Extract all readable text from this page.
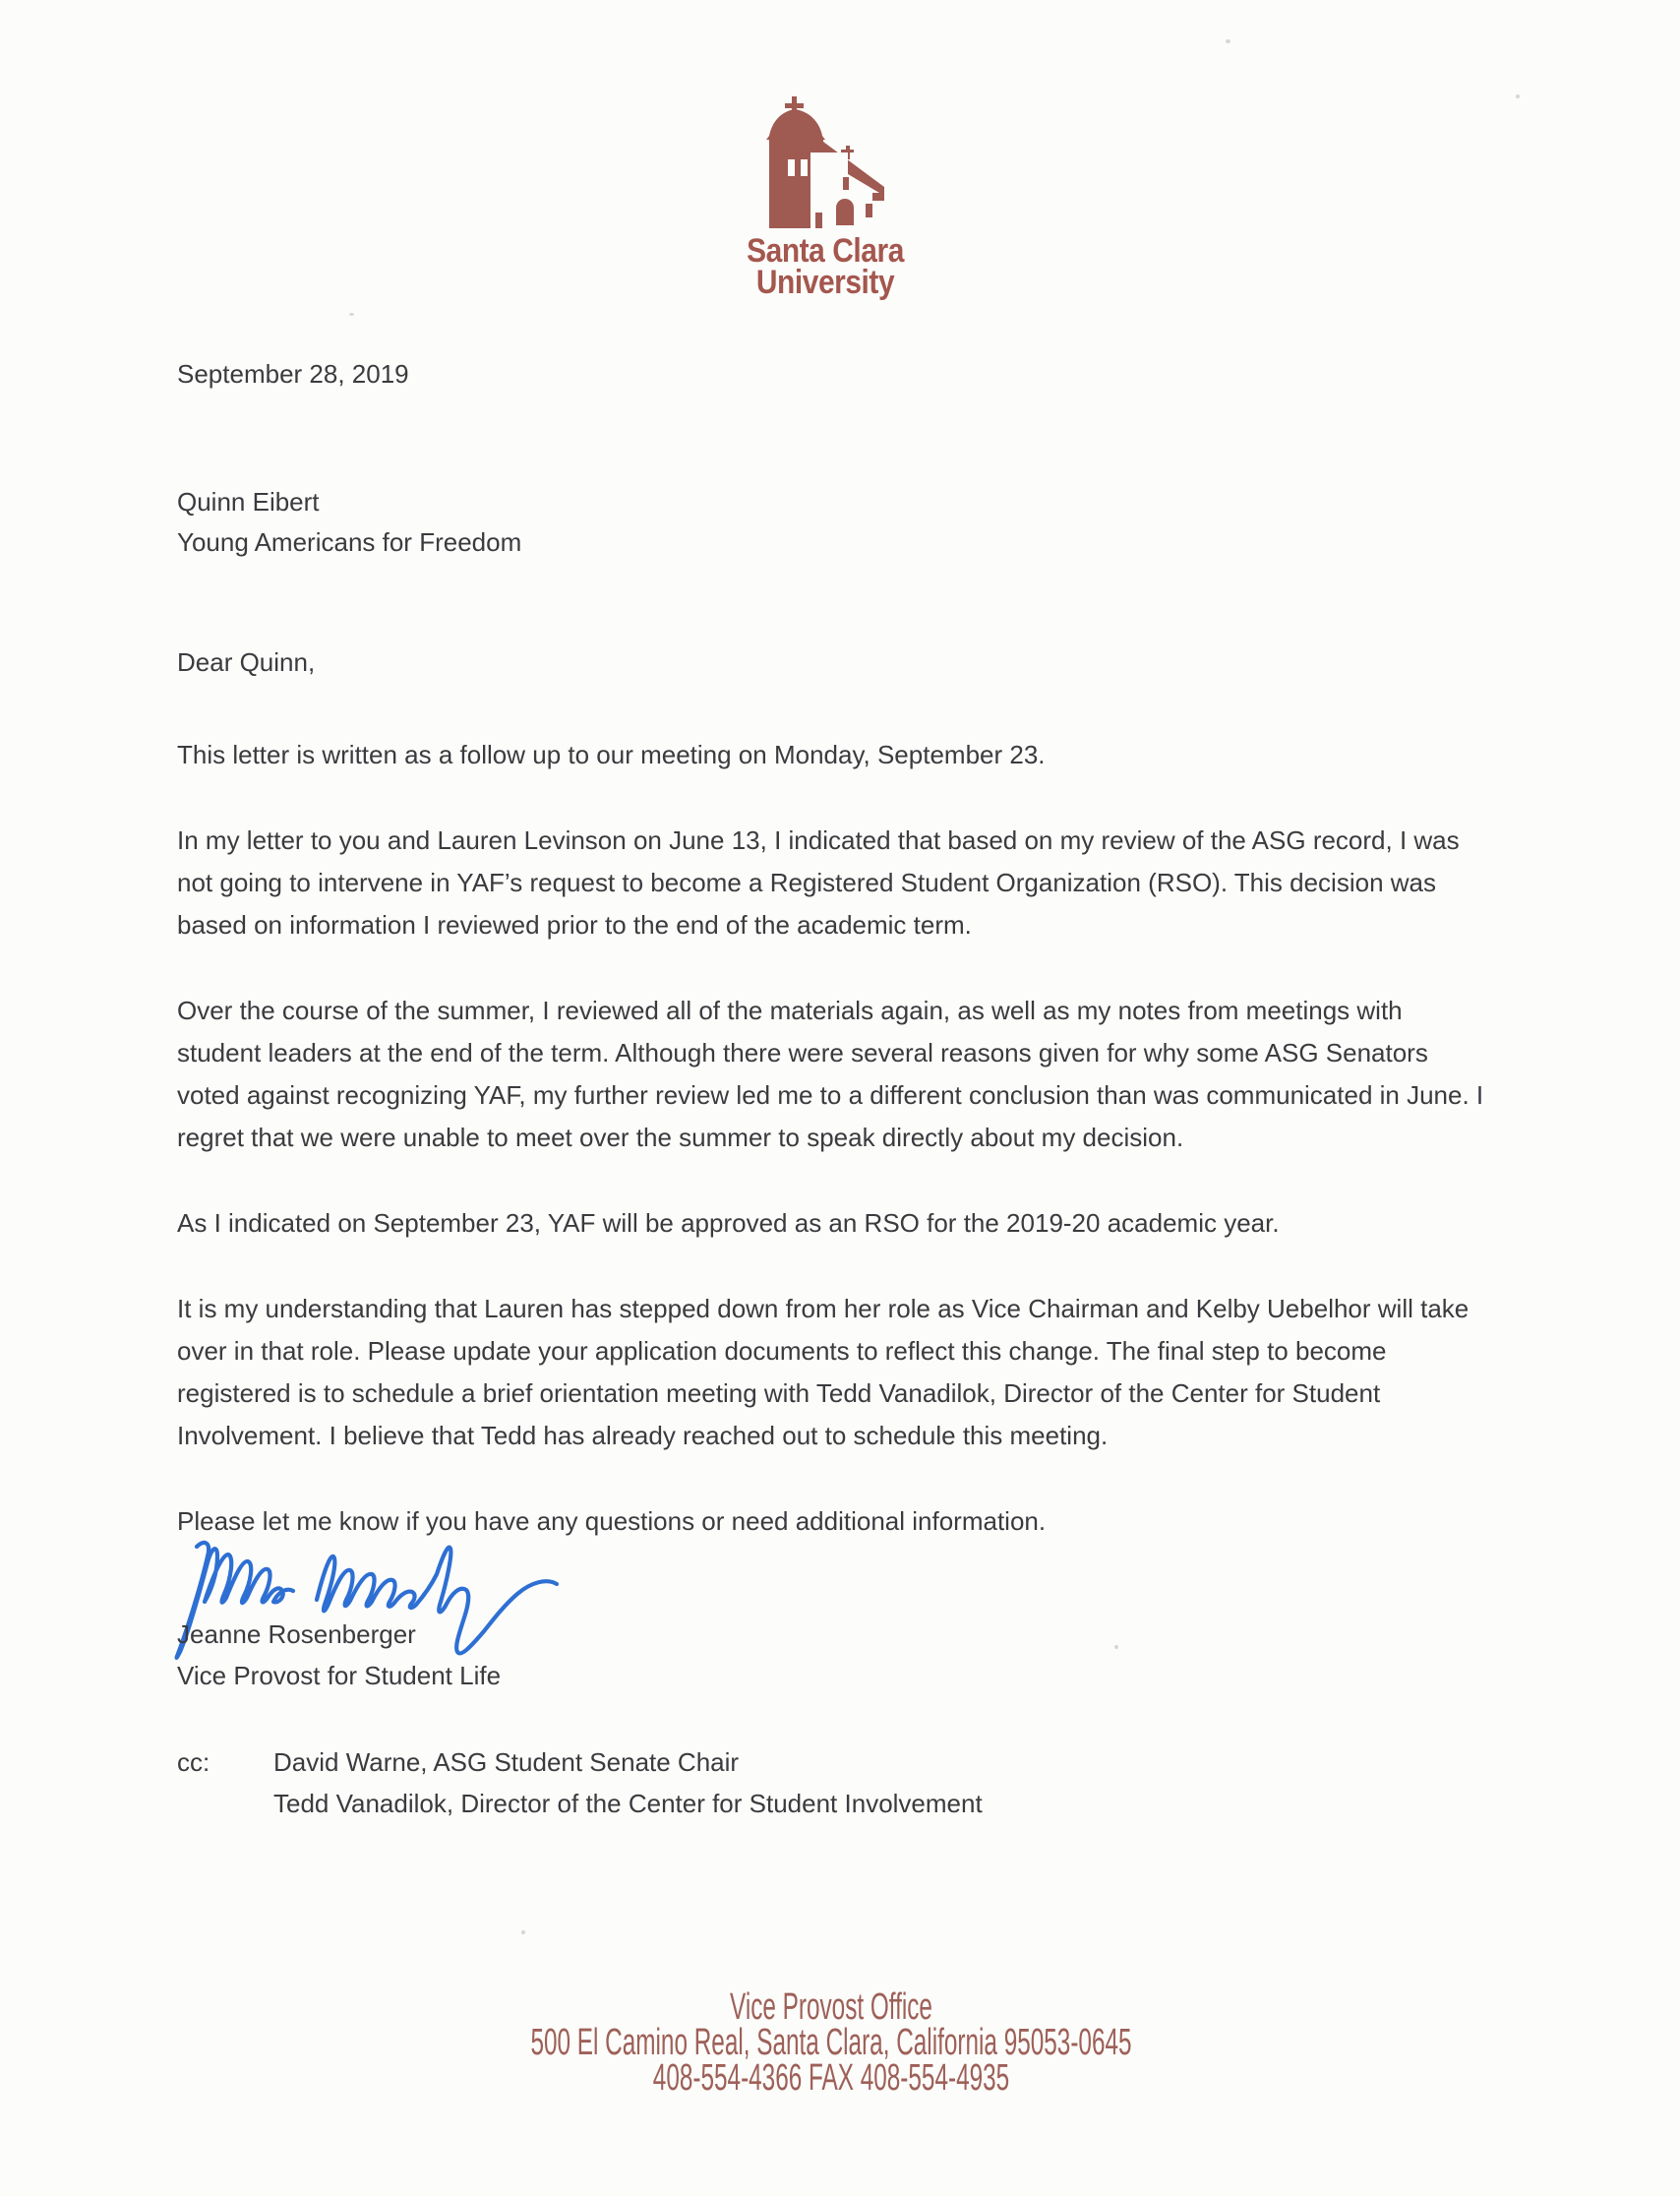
Santa Clara
University
September 28, 2019
Quinn Eibert
Young Americans for Freedom
Dear Quinn,

This letter is written as a follow up to our meeting on Monday, September 23.

In my letter to you and Lauren Levinson on June 13, I indicated that based on my review of the ASG record, I was not going to intervene in YAF’s request to become a Registered Student Organization (RSO). This decision was based on information I reviewed prior to the end of the academic term.

Over the course of the summer, I reviewed all of the materials again, as well as my notes from meetings with student leaders at the end of the term. Although there were several reasons given for why some ASG Senators voted against recognizing YAF, my further review led me to a different conclusion than was communicated in June. I regret that we were unable to meet over the summer to speak directly about my decision.

As I indicated on September 23, YAF will be approved as an RSO for the 2019-20 academic year.

It is my understanding that Lauren has stepped down from her role as Vice Chairman and Kelby Uebelhor will take over in that role. Please update your application documents to reflect this change. The final step to become registered is to schedule a brief orientation meeting with Tedd Vanadilok, Director of the Center for Student Involvement. I believe that Tedd has already reached out to schedule this meeting.

Please let me know if you have any questions or need additional information.

Jeanne Rosenberger
Vice Provost for Student Life
cc:	David Warne, ASG Student Senate Chair
Tedd Vanadilok, Director of the Center for Student Involvement
Vice Provost Office
500 El Camino Real, Santa Clara, California 95053-0645
408-554-4366 FAX 408-554-4935
